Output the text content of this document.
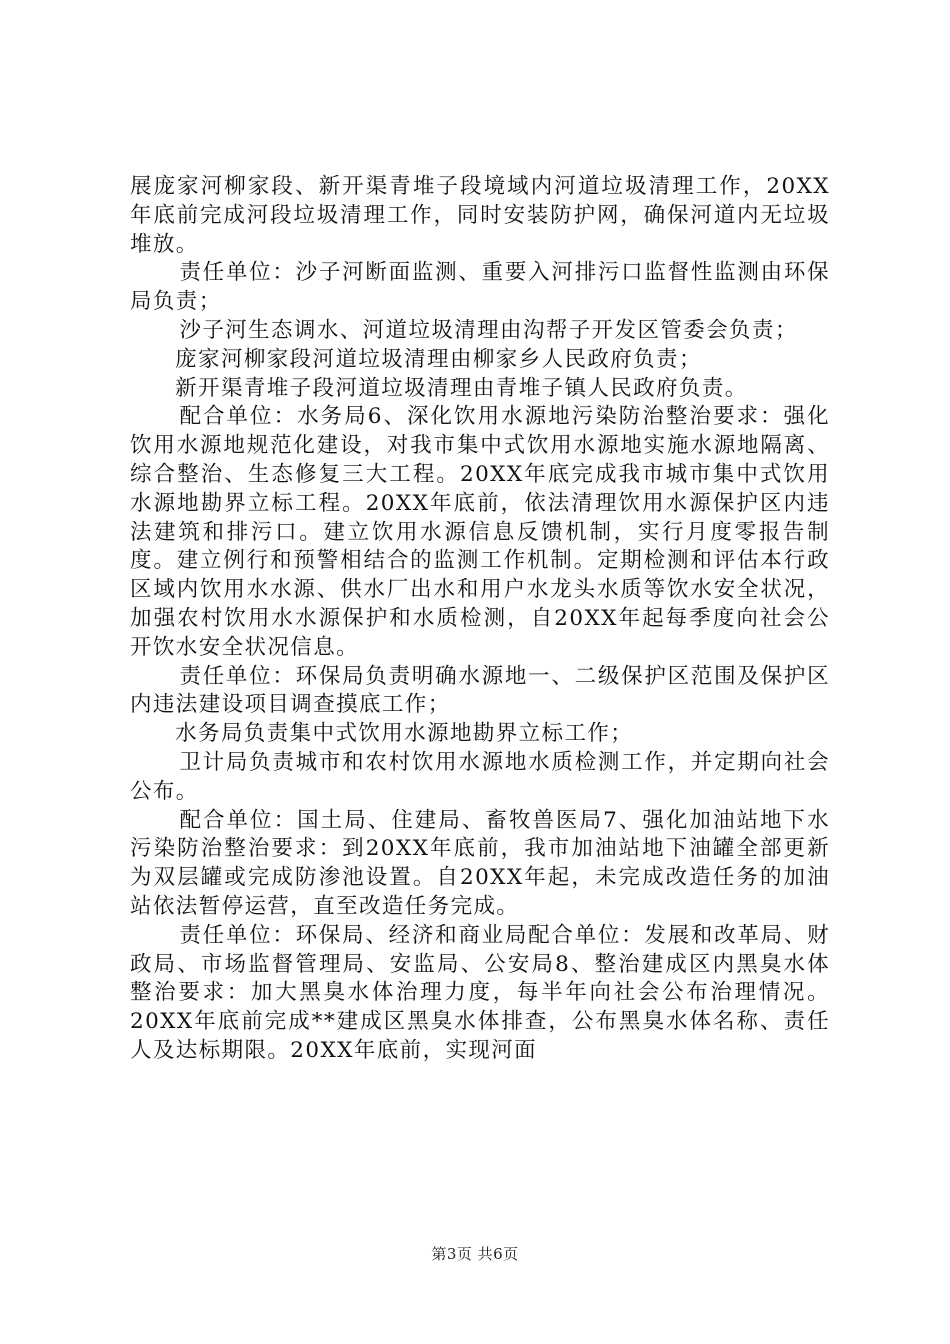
展庞家河柳家段、新开渠青堆子段境域内河道垃圾清理工作，20XX年底前完成河段垃圾清理工作，同时安装防护网，确保河道内无垃圾堆放。

责任单位：沙子河断面监测、重要入河排污口监督性监测由环保局负责；

沙子河生态调水、河道垃圾清理由沟帮子开发区管委会负责；

庞家河柳家段河道垃圾清理由柳家乡人民政府负责；

新开渠青堆子段河道垃圾清理由青堆子镇人民政府负责。

配合单位：水务局6、深化饮用水源地污染防治整治要求：强化饮用水源地规范化建设，对我市集中式饮用水源地实施水源地隔离、综合整治、生态修复三大工程。20XX年底完成我市城市集中式饮用水源地勘界立标工程。20XX年底前，依法清理饮用水源保护区内违法建筑和排污口。建立饮用水源信息反馈机制，实行月度零报告制度。建立例行和预警相结合的监测工作机制。定期检测和评估本行政区域内饮用水水源、供水厂出水和用户水龙头水质等饮水安全状况，加强农村饮用水水源保护和水质检测，自20XX年起每季度向社会公开饮水安全状况信息。

责任单位：环保局负责明确水源地一、二级保护区范围及保护区内违法建设项目调查摸底工作；

水务局负责集中式饮用水源地勘界立标工作；

卫计局负责城市和农村饮用水源地水质检测工作，并定期向社会公布。

配合单位：国土局、住建局、畜牧兽医局7、强化加油站地下水污染防治整治要求：到20XX年底前，我市加油站地下油罐全部更新为双层罐或完成防渗池设置。自20XX年起，未完成改造任务的加油站依法暂停运营，直至改造任务完成。

责任单位：环保局、经济和商业局配合单位：发展和改革局、财政局、市场监督管理局、安监局、公安局8、整治建成区内黑臭水体整治要求：加大黑臭水体治理力度，每半年向社会公布治理情况。20XX年底前完成**建成区黑臭水体排查，公布黑臭水体名称、责任人及达标期限。20XX年底前，实现河面

第3页 共6页
